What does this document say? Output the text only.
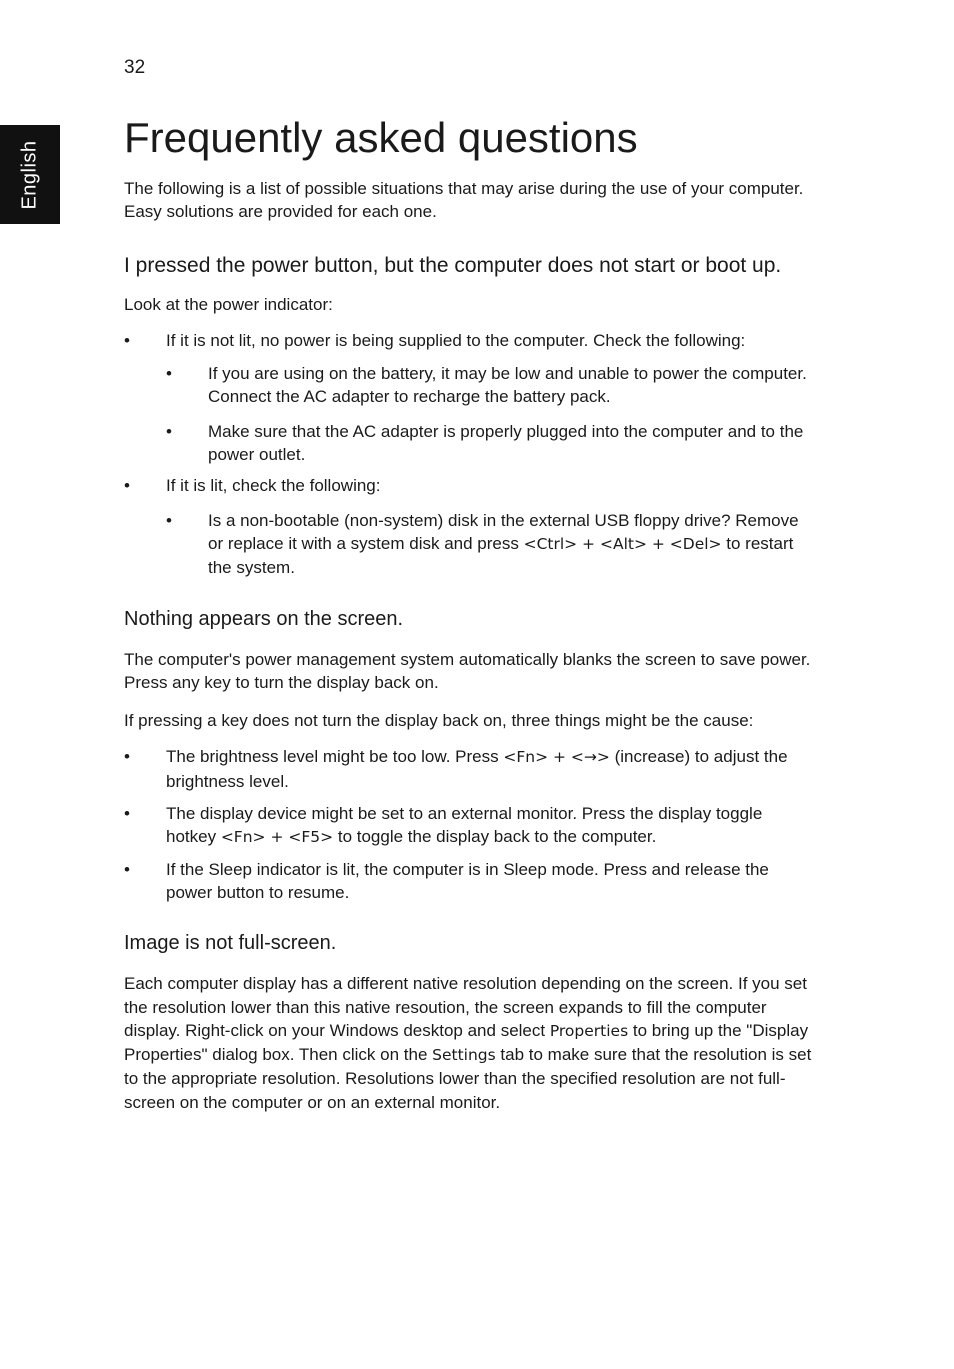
32
English
Frequently asked questions

The following is a list of possible situations that may arise during the use of your computer. Easy solutions are provided for each one.

I pressed the power button, but the computer does not start or boot up.

Look at the power indicator:

• If it is not lit, no power is being supplied to the computer. Check the following:
• If you are using on the battery, it may be low and unable to power the computer. Connect the AC adapter to recharge the battery pack.
• Make sure that the AC adapter is properly plugged into the computer and to the power outlet.
• If it is lit, check the following:
• Is a non-bootable (non-system) disk in the external USB floppy drive? Remove or replace it with a system disk and press <Ctrl> + <Alt> + <Del> to restart the system.
Nothing appears on the screen.

The computer's power management system automatically blanks the screen to save power. Press any key to turn the display back on.

If pressing a key does not turn the display back on, three things might be the cause:

• The brightness level might be too low. Press <Fn> + <→> (increase) to adjust the brightness level.
• The display device might be set to an external monitor. Press the display toggle hotkey <Fn> + <F5> to toggle the display back to the computer.
• If the Sleep indicator is lit, the computer is in Sleep mode. Press and release the power button to resume.
Image is not full-screen.

Each computer display has a different native resolution depending on the screen. If you set the resolution lower than this native resoution, the screen expands to fill the computer display. Right-click on your Windows desktop and select Properties to bring up the "Display Properties" dialog box. Then click on the Settings tab to make sure that the resolution is set to the appropriate resolution. Resolutions lower than the specified resolution are not full-screen on the computer or on an external monitor.
